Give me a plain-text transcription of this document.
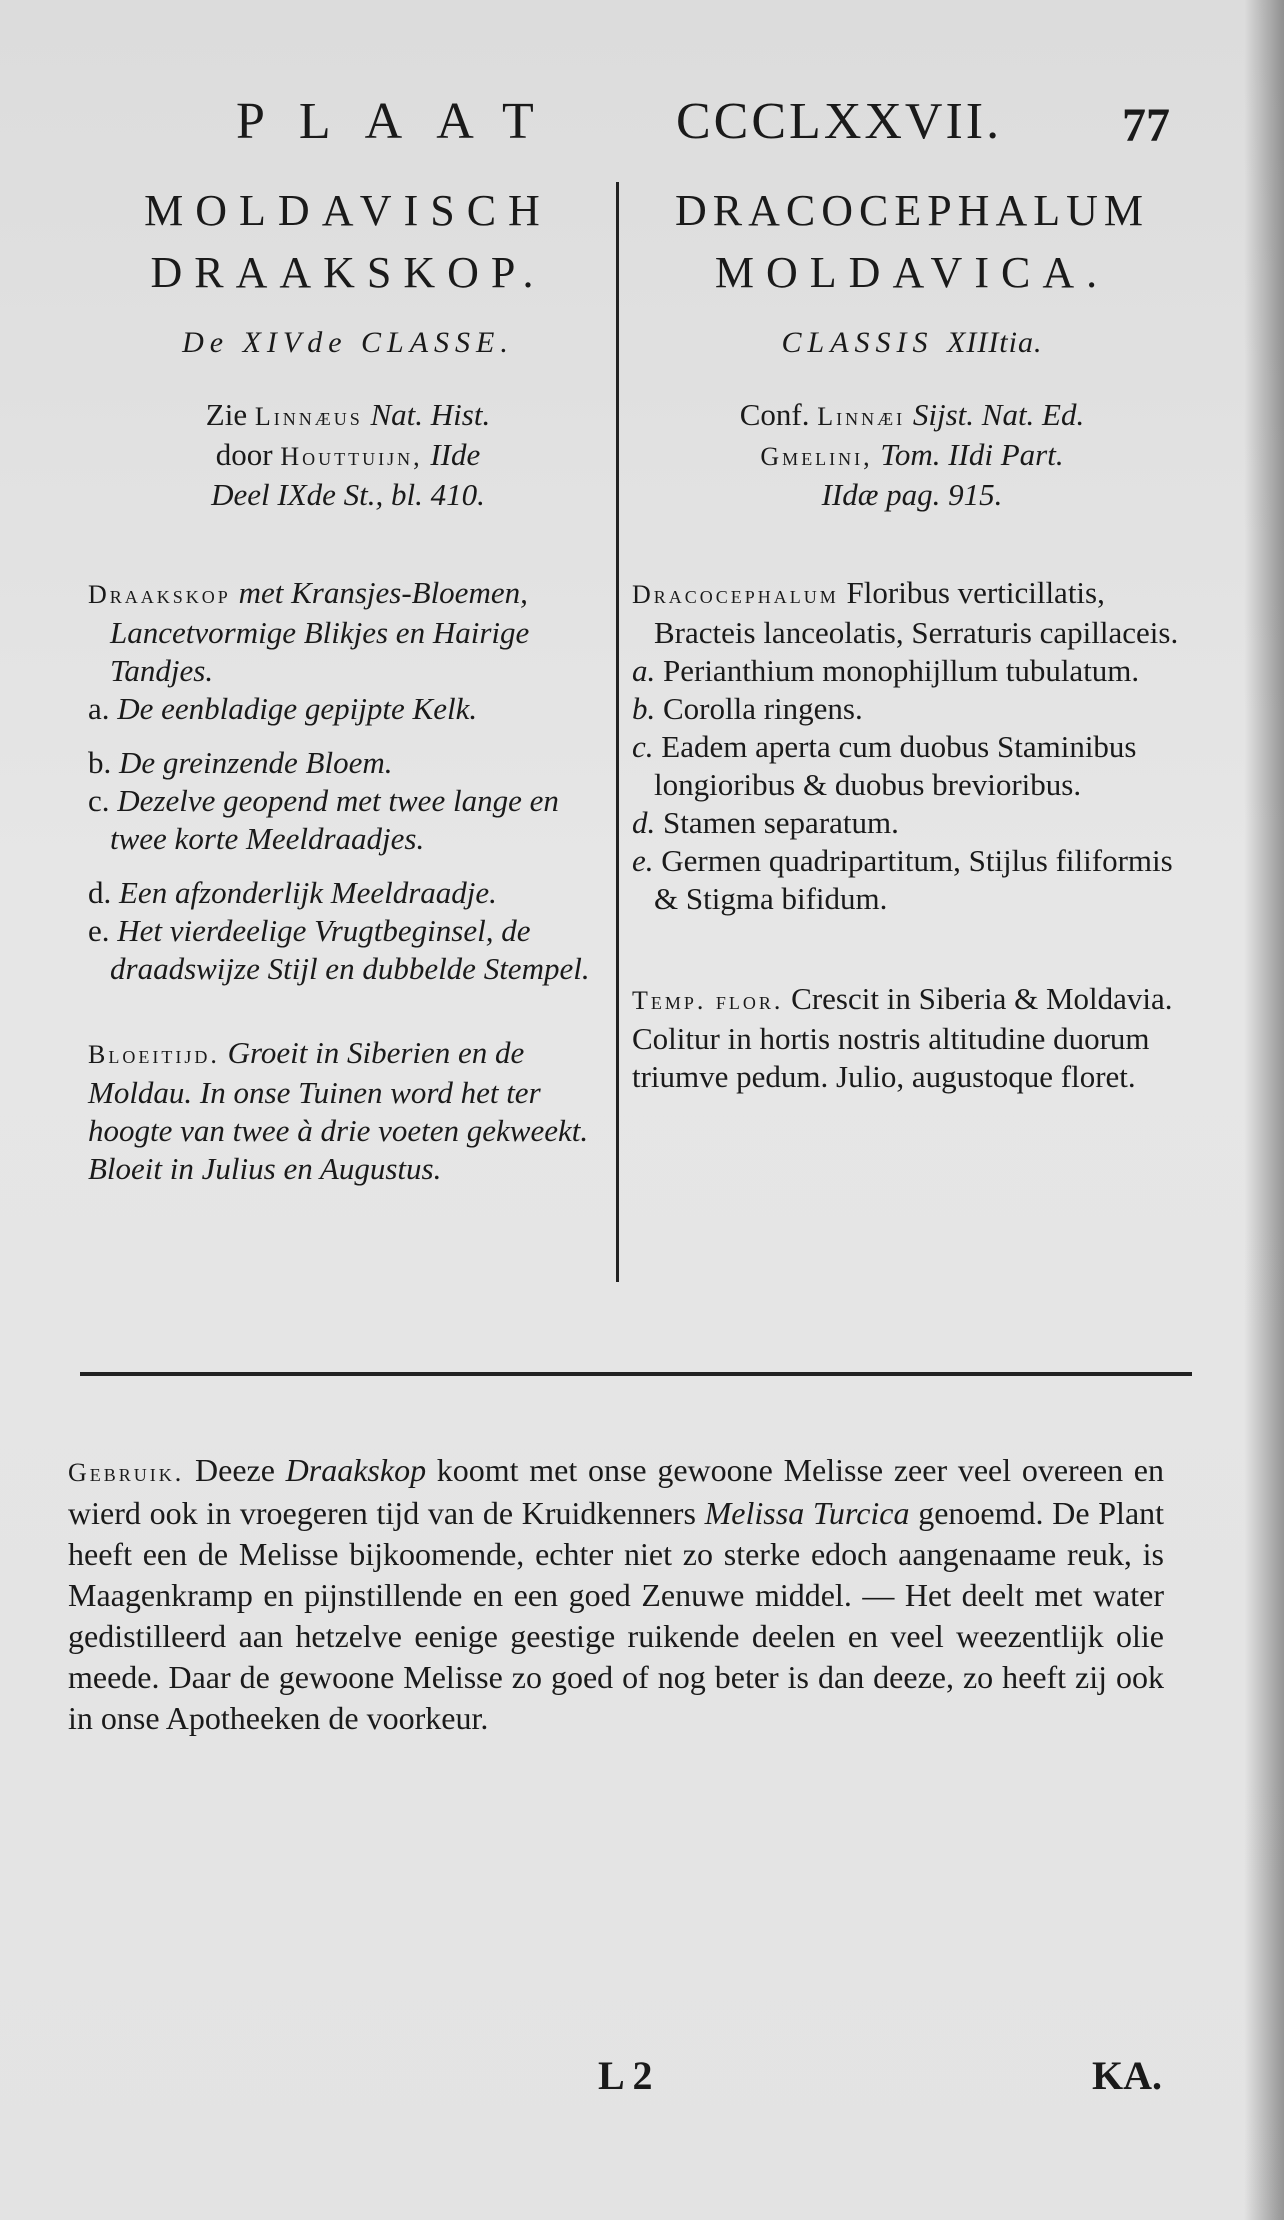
PLAAT CCCLXXVII. 77
MOLDAVISCH
DRAAKSKOP.
De XIVde CLASSE.
Zie Linnæus Nat. Hist.
door Houttuijn, IIde
Deel IXde St., bl. 410.
Draakskop met Kransjes-Bloemen, Lancetvormige Blikjes en Hairige Tandjes.
a. De eenbladige gepijpte Kelk.
b. De greinzende Bloem.
c. Dezelve geopend met twee lange en twee korte Meeldraadjes.
d. Een afzonderlijk Meeldraadje.
e. Het vierdeelige Vrugtbeginsel, de draadswijze Stijl en dubbelde Stempel.
Bloeitijd. Groeit in Siberien en de Moldau. In onse Tuinen word het ter hoogte van twee à drie voeten gekweekt. Bloeit in Julius en Augustus.
DRACOCEPHALUM
MOLDAVICA.
CLASSIS XIIItia.
Conf. Linnæi Sijst. Nat. Ed.
Gmelini, Tom. IIdi Part.
IIdæ pag. 915.
Dracocephalum Floribus verticillatis, Bracteis lanceolatis, Serraturis capillaceis.
a. Perianthium monophijllum tubulatum.
b. Corolla ringens.
c. Eadem aperta cum duobus Staminibus longioribus & duobus brevioribus.
d. Stamen separatum.
e. Germen quadripartitum, Stijlus filiformis & Stigma bifidum.
Temp. flor. Crescit in Siberia & Moldavia. Colitur in hortis nostris altitudine duorum triumve pedum. Julio, augustoque floret.
Gebruik. Deeze Draakskop koomt met onse gewoone Melisse zeer veel overeen en wierd ook in vroegeren tijd van de Kruidkenners Melissa Turcica genoemd. De Plant heeft een de Melisse bijkoomende, echter niet zo sterke edoch aangenaame reuk, is Maagenkramp en pijnstillende en een goed Zenuwe middel. — Het deelt met water gedistilleerd aan hetzelve eenige geestige ruikende deelen en veel weezentlijk olie meede. Daar de gewoone Melisse zo goed of nog beter is dan deeze, zo heeft zij ook in onse Apotheeken de voorkeur.
L 2	KA.
